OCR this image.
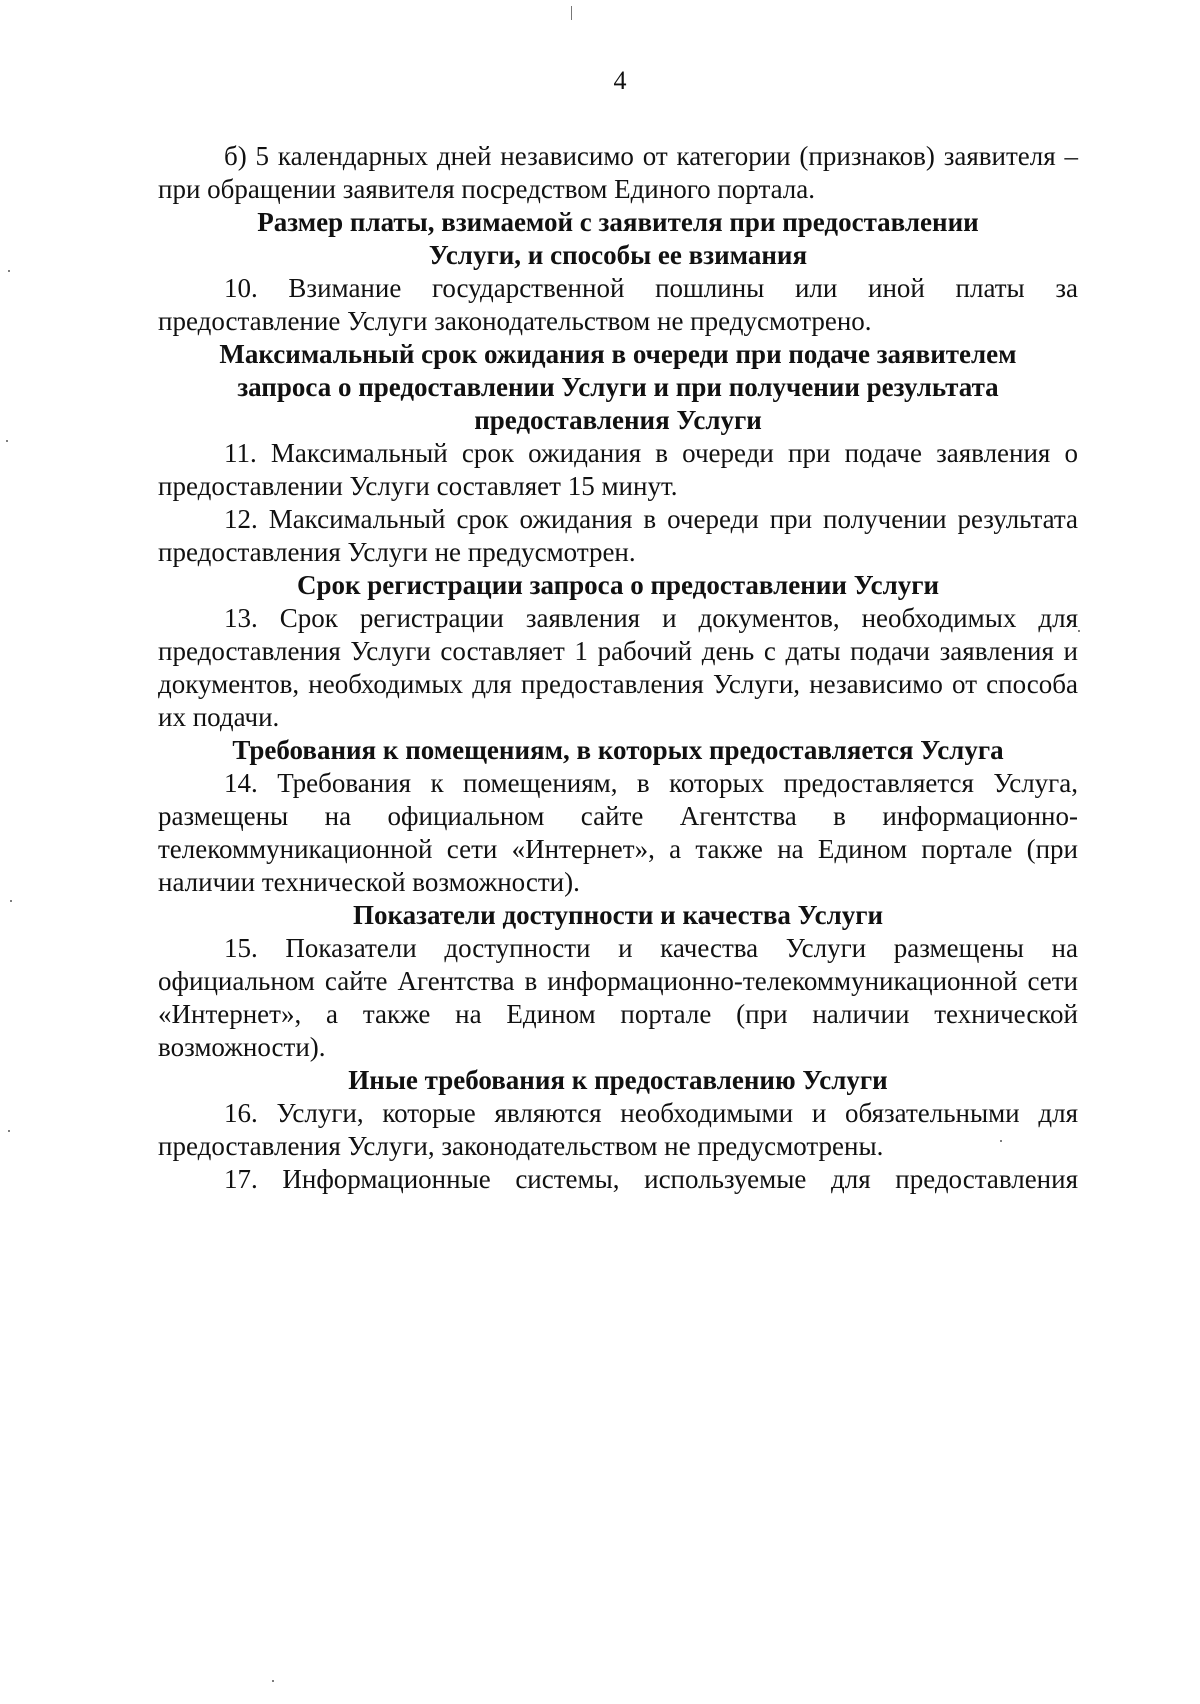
4

б) 5 календарных дней независимо от категории (признаков) заявителя – при обращении заявителя посредством Единого портала.

Размер платы, взимаемой с заявителя при предоставлении
Услуги, и способы ее взимания

10. Взимание государственной пошлины или иной платы за предоставление Услуги законодательством не предусмотрено.

Максимальный срок ожидания в очереди при подаче заявителем
запроса о предоставлении Услуги и при получении результата
предоставления Услуги

11. Максимальный срок ожидания в очереди при подаче заявления о предоставлении Услуги составляет 15 минут.

12. Максимальный срок ожидания в очереди при получении результата предоставления Услуги не предусмотрен.

Срок регистрации запроса о предоставлении Услуги

13. Срок регистрации заявления и документов, необходимых для предоставления Услуги составляет 1 рабочий день с даты подачи заявления и документов, необходимых для предоставления Услуги, независимо от способа их подачи.

Требования к помещениям, в которых предоставляется Услуга

14. Требования к помещениям, в которых предоставляется Услуга, размещены на официальном сайте Агентства в информационно-телекоммуникационной сети «Интернет», а также на Едином портале (при наличии технической возможности).

Показатели доступности и качества Услуги

15. Показатели доступности и качества Услуги размещены на официальном сайте Агентства в информационно-телекоммуникационной сети «Интернет», а также на Едином портале (при наличии технической возможности).

Иные требования к предоставлению Услуги

16. Услуги, которые являются необходимыми и обязательными для предоставления Услуги, законодательством не предусмотрены.

17. Информационные системы, используемые для предоставления
